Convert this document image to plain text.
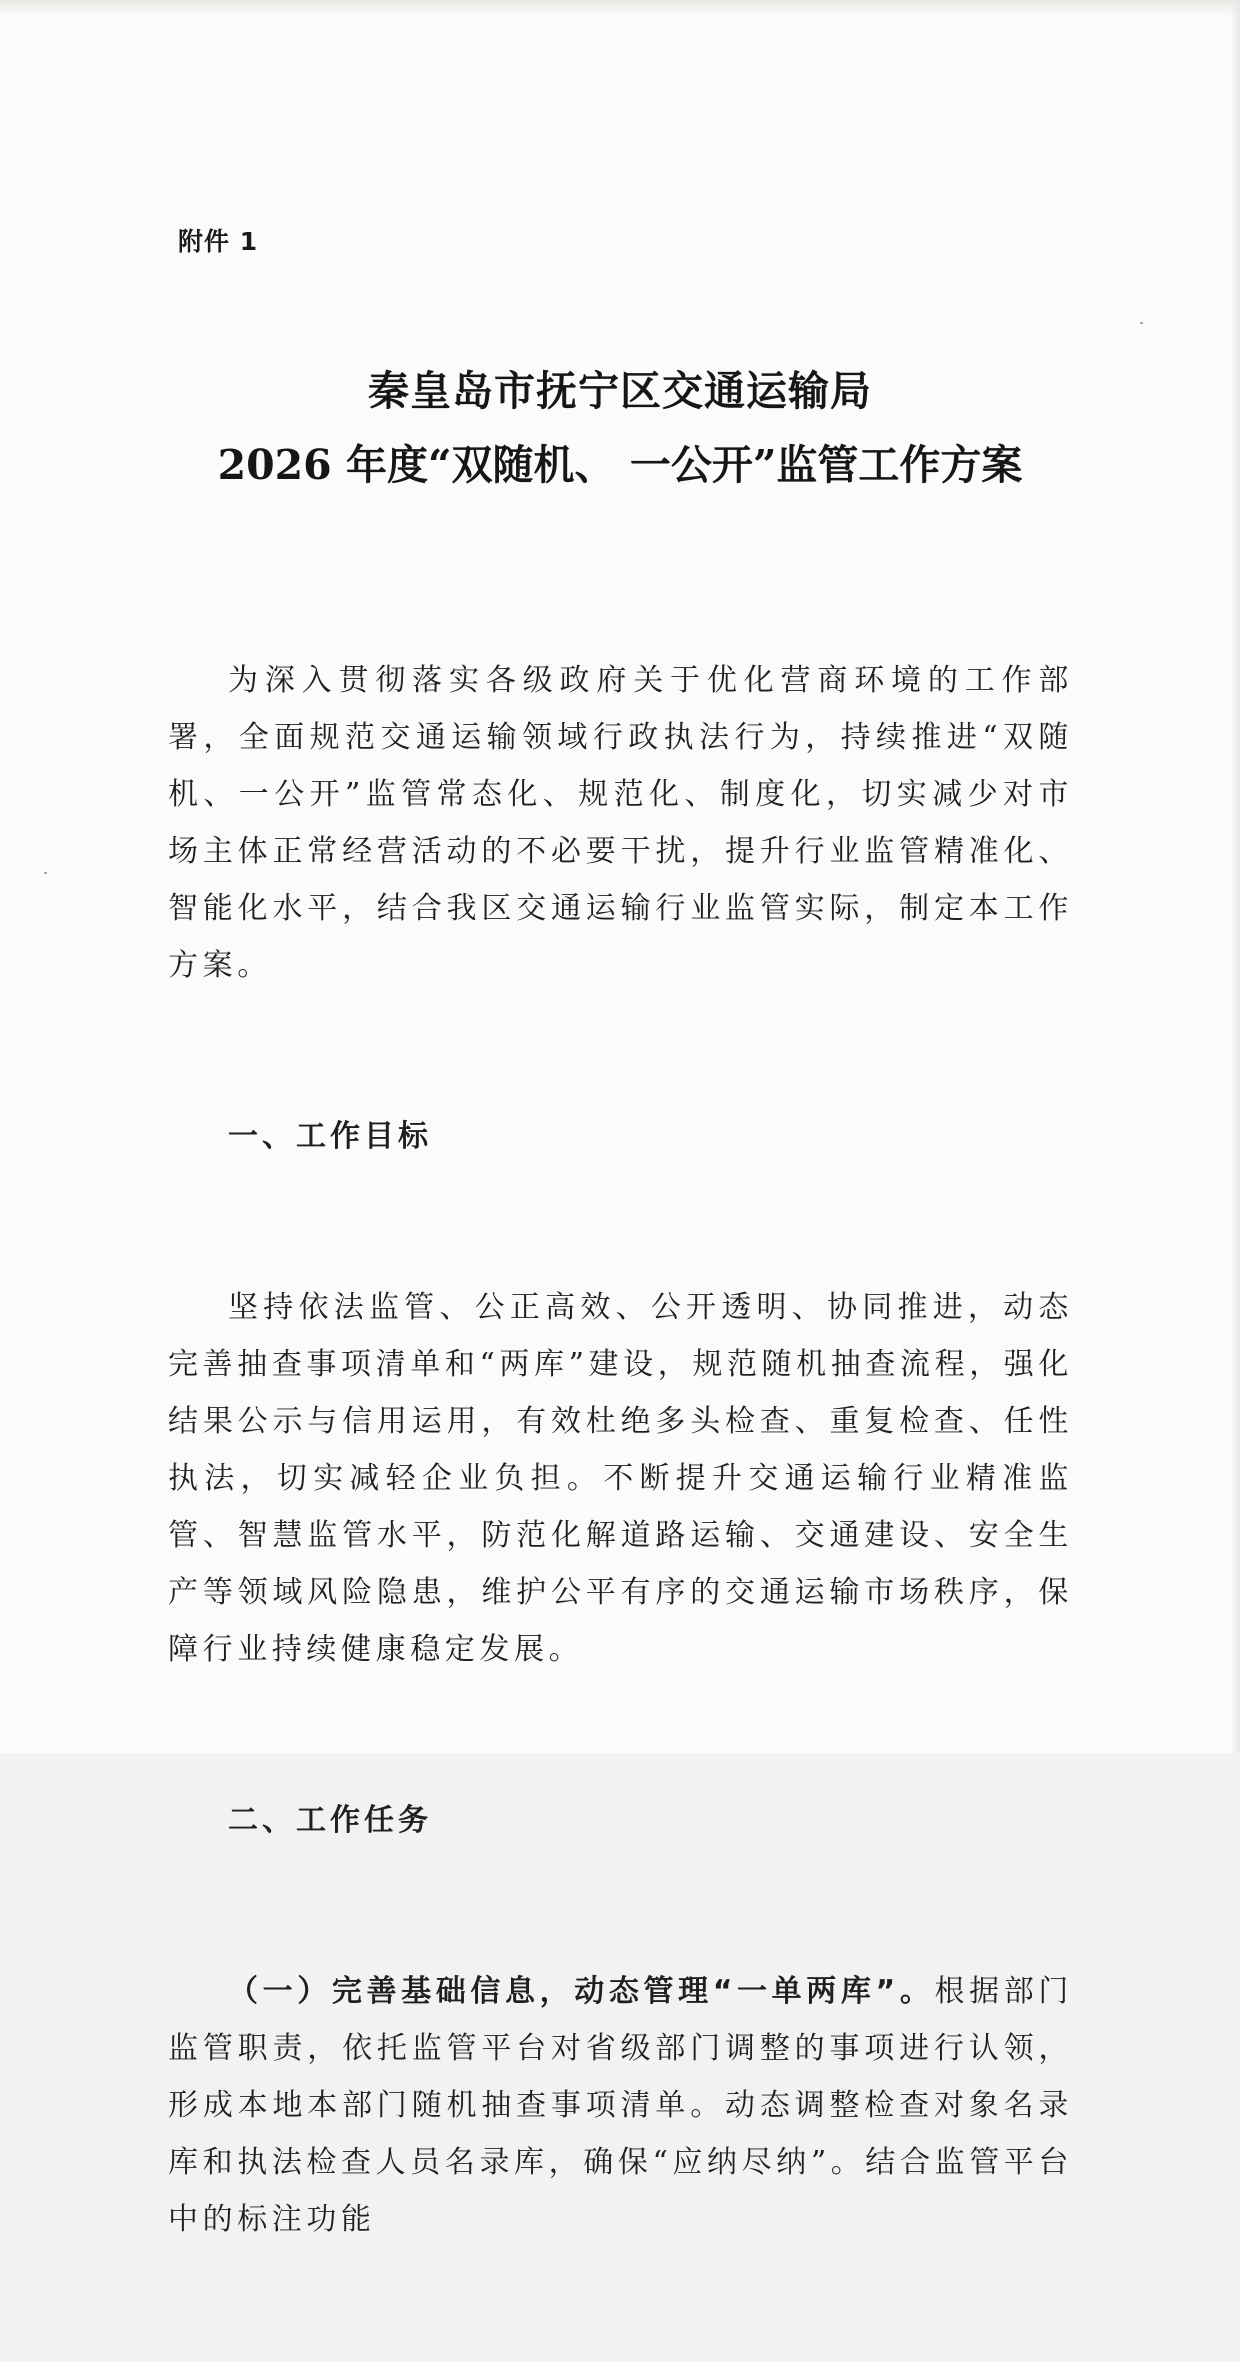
附件 1
秦皇岛市抚宁区交通运输局
2026 年度“双随机、 一公开”监管工作方案

为深入贯彻落实各级政府关于优化营商环境的工作部署，全面规范交通运输领域行政执法行为，持续推进“双随机、一公开”监管常态化、规范化、制度化，切实减少对市场主体正常经营活动的不必要干扰，提升行业监管精准化、智能化水平，结合我区交通运输行业监管实际，制定本工作方案。

一、工作目标

坚持依法监管、公正高效、公开透明、协同推进，动态完善抽查事项清单和“两库”建设，规范随机抽查流程，强化结果公示与信用运用，有效杜绝多头检查、重复检查、任性执法，切实减轻企业负担。不断提升交通运输行业精准监管、智慧监管水平，防范化解道路运输、交通建设、安全生产等领域风险隐患，维护公平有序的交通运输市场秩序，保障行业持续健康稳定发展。

二、工作任务

（一）完善基础信息，动态管理“一单两库”。根据部门监管职责，依托监管平台对省级部门调整的事项进行认领，形成本地本部门随机抽查事项清单。动态调整检查对象名录库和执法检查人员名录库，确保“应纳尽纳”。结合监管平台中的标注功能
